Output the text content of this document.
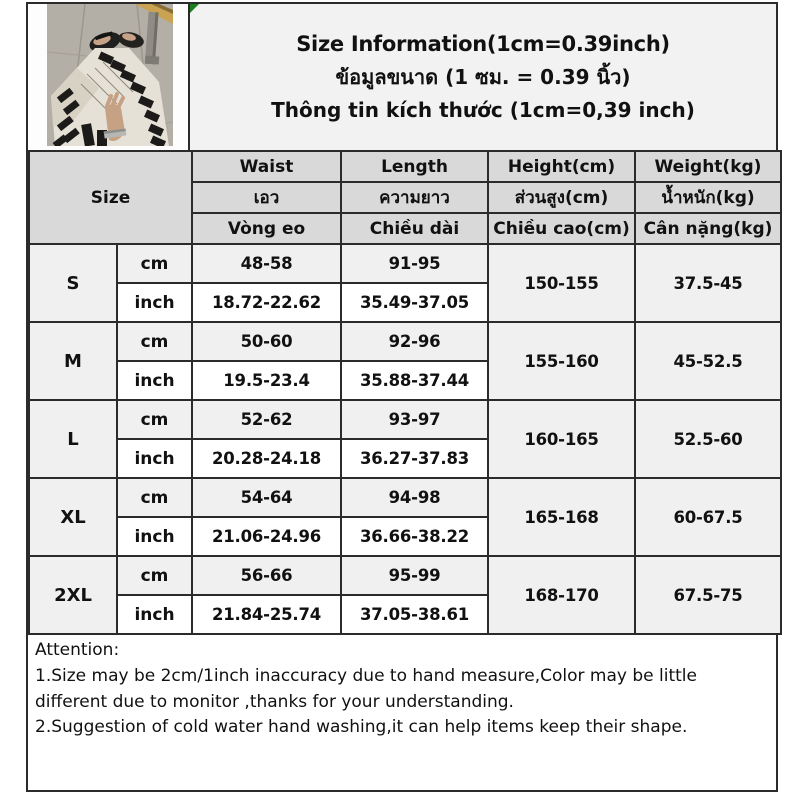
Size Information(1cm=0.39inch)
ข้อมูลขนาด (1 ซม. = 0.39 นิ้ว)
Thông tin kích thước (1cm=0,39 inch)
Size		Waist	Length	Height(cm)	Weight(kg)
		เอว	ความยาว	ส่วนสูง(cm)	น้ำหนัก(kg)
		Vòng eo	Chiều dài	Chiều cao(cm)	Cân nặng(kg)
S	cm	48-58	91-95	150-155	37.5-45
	inch	18.72-22.62	35.49-37.05		
M	cm	50-60	92-96	155-160	45-52.5
	inch	19.5-23.4	35.88-37.44		
L	cm	52-62	93-97	160-165	52.5-60
	inch	20.28-24.18	36.27-37.83		
XL	cm	54-64	94-98	165-168	60-67.5
	inch	21.06-24.96	36.66-38.22		
2XL	cm	56-66	95-99	168-170	67.5-75
	inch	21.84-25.74	37.05-38.61		
Attention:
1.Size may be 2cm/1inch inaccuracy due to hand measure,Color may be little different due to monitor ,thanks for your understanding.
2.Suggestion of cold water hand washing,it can help items keep their shape.
